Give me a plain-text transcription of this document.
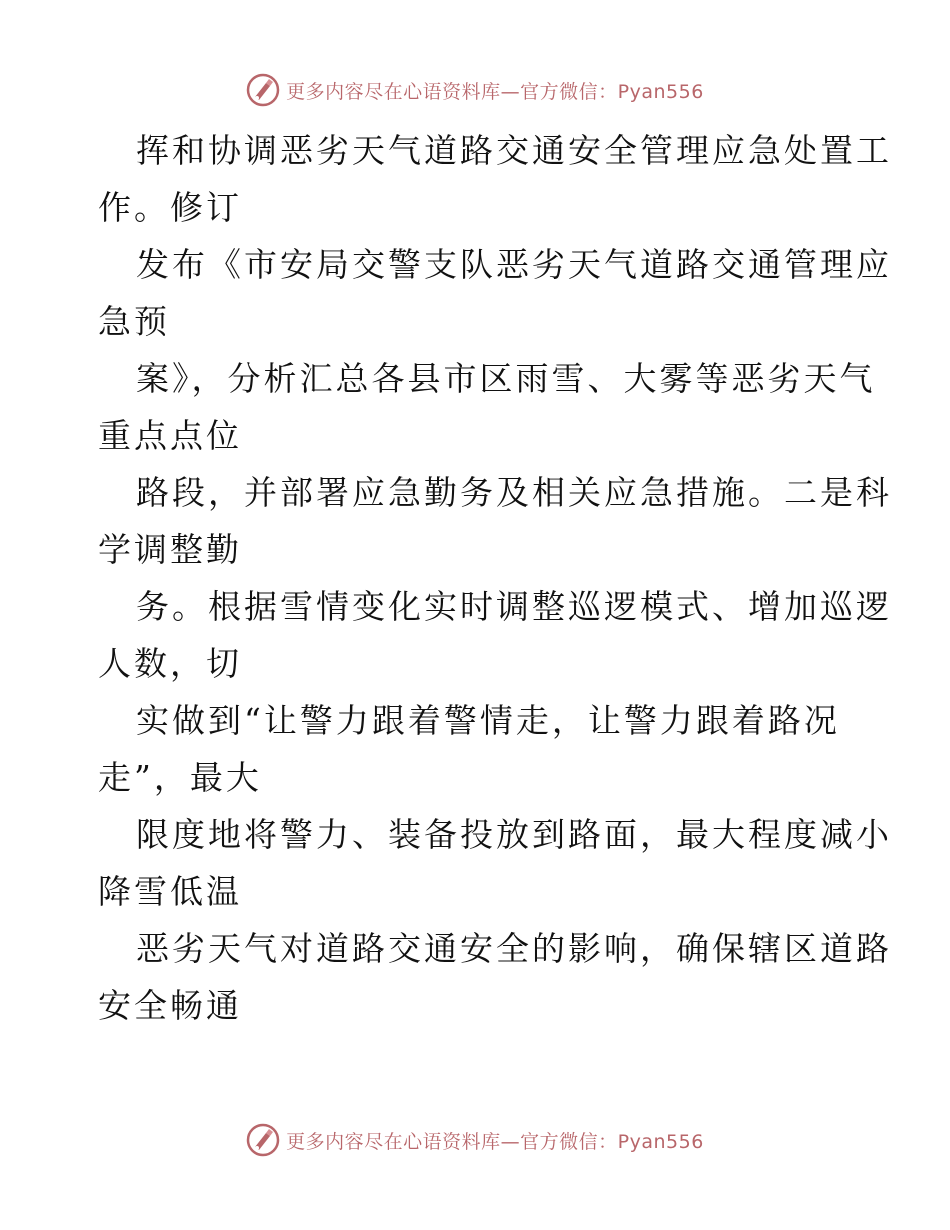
更多内容尽在心语资料库—官方微信：Pyan556
挥和协调恶劣天气道路交通安全管理应急处置工
作。修订
发布《市安局交警支队恶劣天气道路交通管理应
急预
案》，分析汇总各县市区雨雪、大雾等恶劣天气
重点点位
路段，并部署应急勤务及相关应急措施。二是科
学调整勤
务。根据雪情变化实时调整巡逻模式、增加巡逻
人数，切
实做到“让警力跟着警情走，让警力跟着路况
走”，最大
限度地将警力、装备投放到路面，最大程度减小
降雪低温
恶劣天气对道路交通安全的影响，确保辖区道路
安全畅通
更多内容尽在心语资料库—官方微信：Pyan556
